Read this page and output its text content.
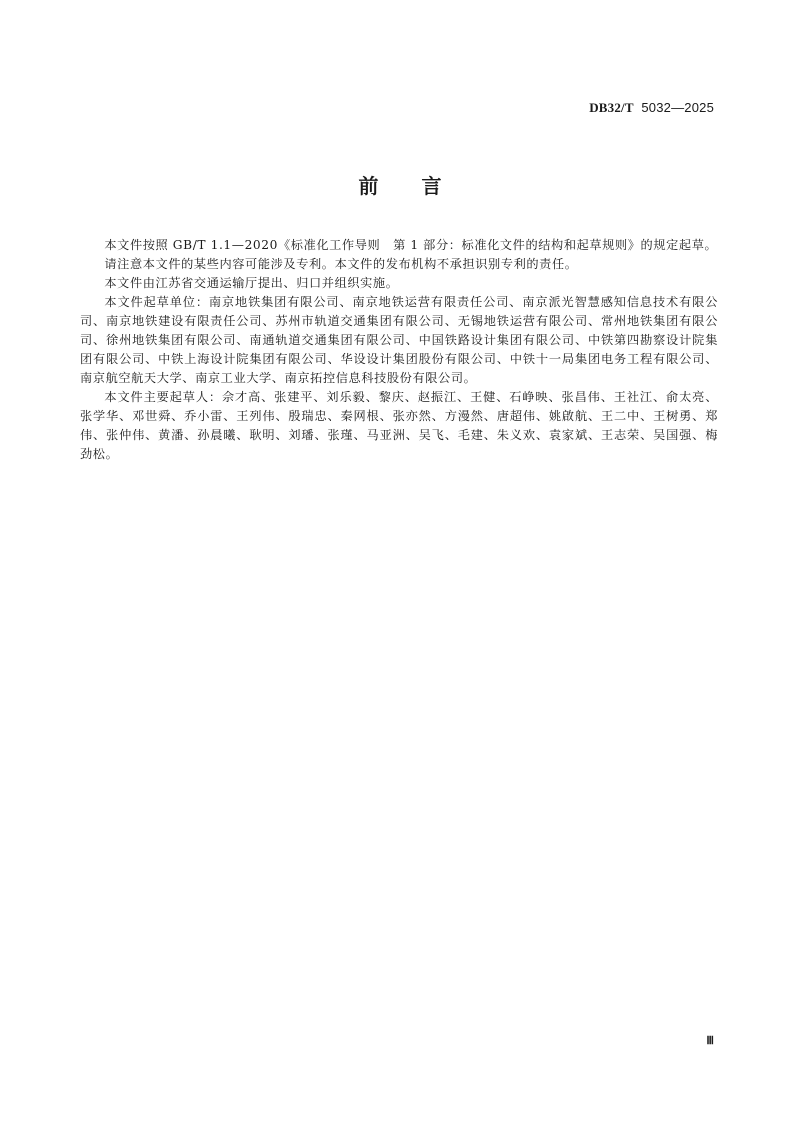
DB32/T 5032—2025
前 言

本文件按照 GB/T 1.1—2020《标准化工作导则　第 1 部分：标准化文件的结构和起草规则》的规定起草。

请注意本文件的某些内容可能涉及专利。本文件的发布机构不承担识别专利的责任。

本文件由江苏省交通运输厅提出、归口并组织实施。

本文件起草单位：南京地铁集团有限公司、南京地铁运营有限责任公司、南京派光智慧感知信息技术有限公司、南京地铁建设有限责任公司、苏州市轨道交通集团有限公司、无锡地铁运营有限公司、常州地铁集团有限公司、徐州地铁集团有限公司、南通轨道交通集团有限公司、中国铁路设计集团有限公司、中铁第四勘察设计院集团有限公司、中铁上海设计院集团有限公司、华设设计集团股份有限公司、中铁十一局集团电务工程有限公司、南京航空航天大学、南京工业大学、南京拓控信息科技股份有限公司。

本文件主要起草人：佘才高、张建平、刘乐毅、黎庆、赵振江、王健、石峥映、张昌伟、王社江、俞太亮、张学华、邓世舜、乔小雷、王列伟、殷瑞忠、秦网根、张亦然、方漫然、唐超伟、姚啟航、王二中、王树勇、郑伟、张仲伟、黄潘、孙晨曦、耿明、刘璠、张瑾、马亚洲、吴飞、毛建、朱义欢、袁家斌、王志荣、吴国强、梅劲松。

Ⅲ
